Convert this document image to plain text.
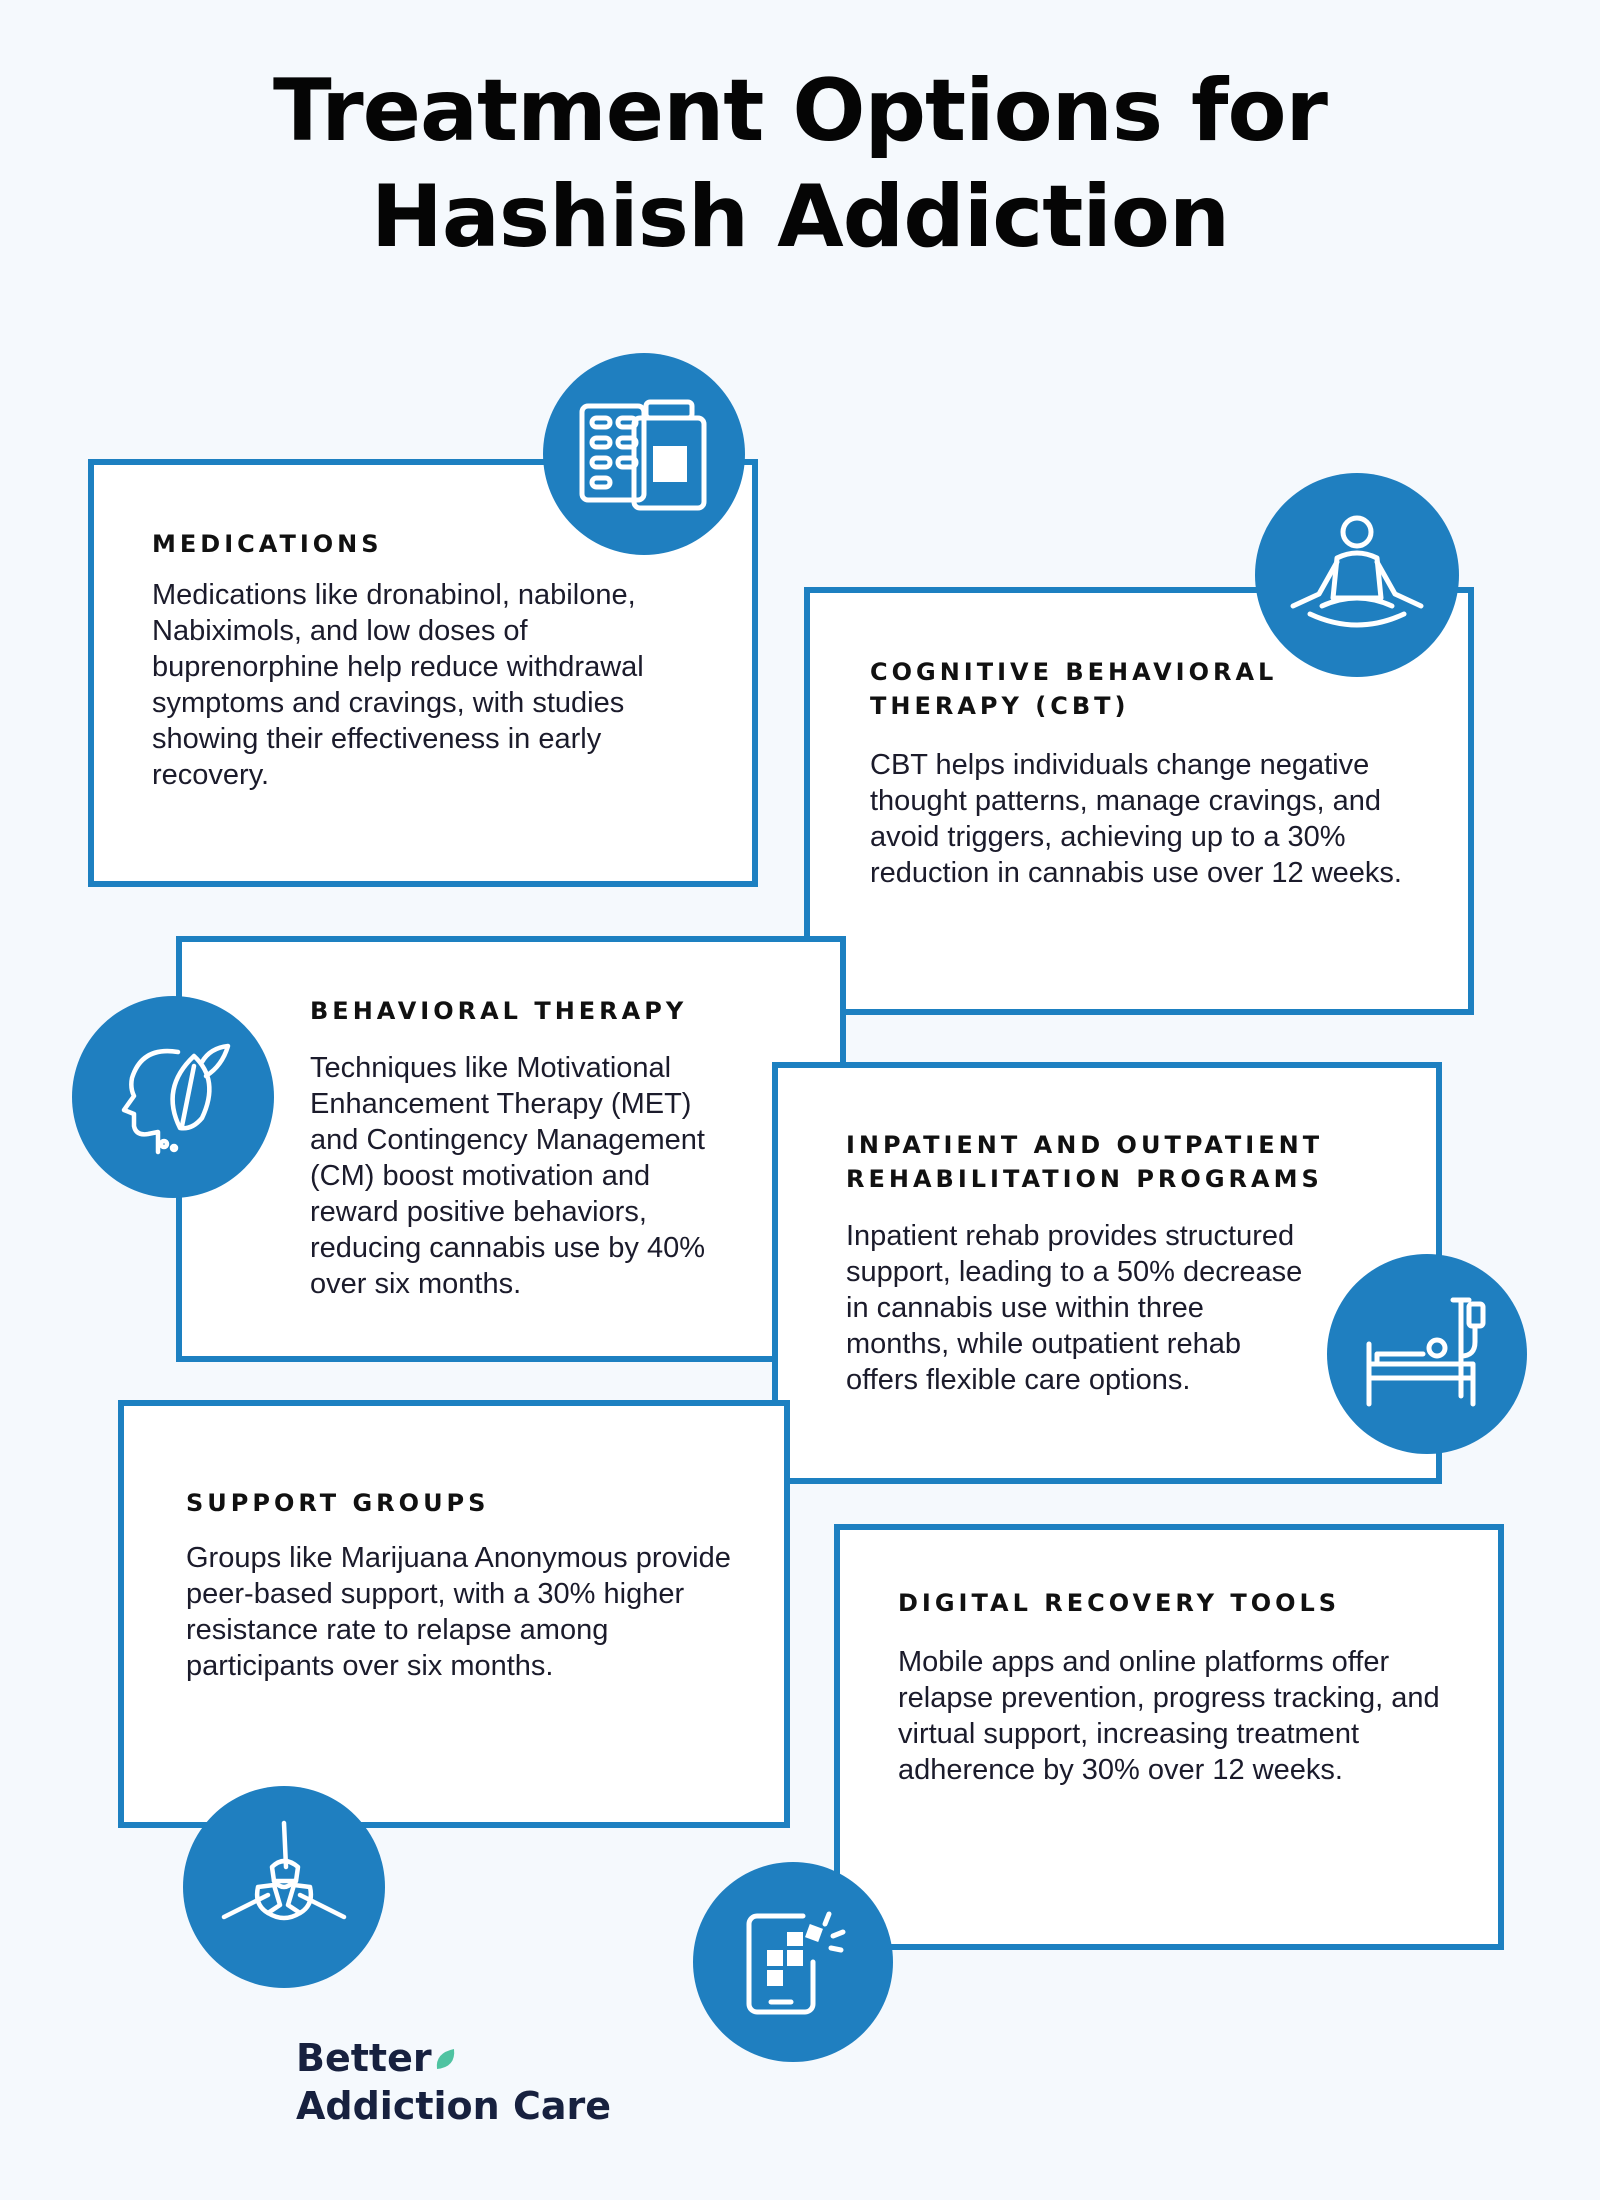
Treatment Options for
Hashish Addiction
MEDICATIONS

Medications like dronabinol, nabilone, Nabiximols, and low doses of buprenorphine help reduce withdrawal symptoms and cravings, with studies showing their effectiveness in early recovery.

COGNITIVE BEHAVIORAL THERAPY (CBT)

CBT helps individuals change negative thought patterns, manage cravings, and avoid triggers, achieving up to a 30% reduction in cannabis use over 12 weeks.

BEHAVIORAL THERAPY

Techniques like Motivational Enhancement Therapy (MET) and Contingency Management (CM) boost motivation and reward positive behaviors, reducing cannabis use by 40% over six months.

INPATIENT AND OUTPATIENT REHABILITATION PROGRAMS

Inpatient rehab provides structured support, leading to a 50% decrease in cannabis use within three months, while outpatient rehab offers flexible care options.

SUPPORT GROUPS

Groups like Marijuana Anonymous provide peer-based support, with a 30% higher resistance rate to relapse among participants over six months.

DIGITAL RECOVERY TOOLS

Mobile apps and online platforms offer relapse prevention, progress tracking, and virtual support, increasing treatment adherence by 30% over 12 weeks.

Better
Addiction Care
